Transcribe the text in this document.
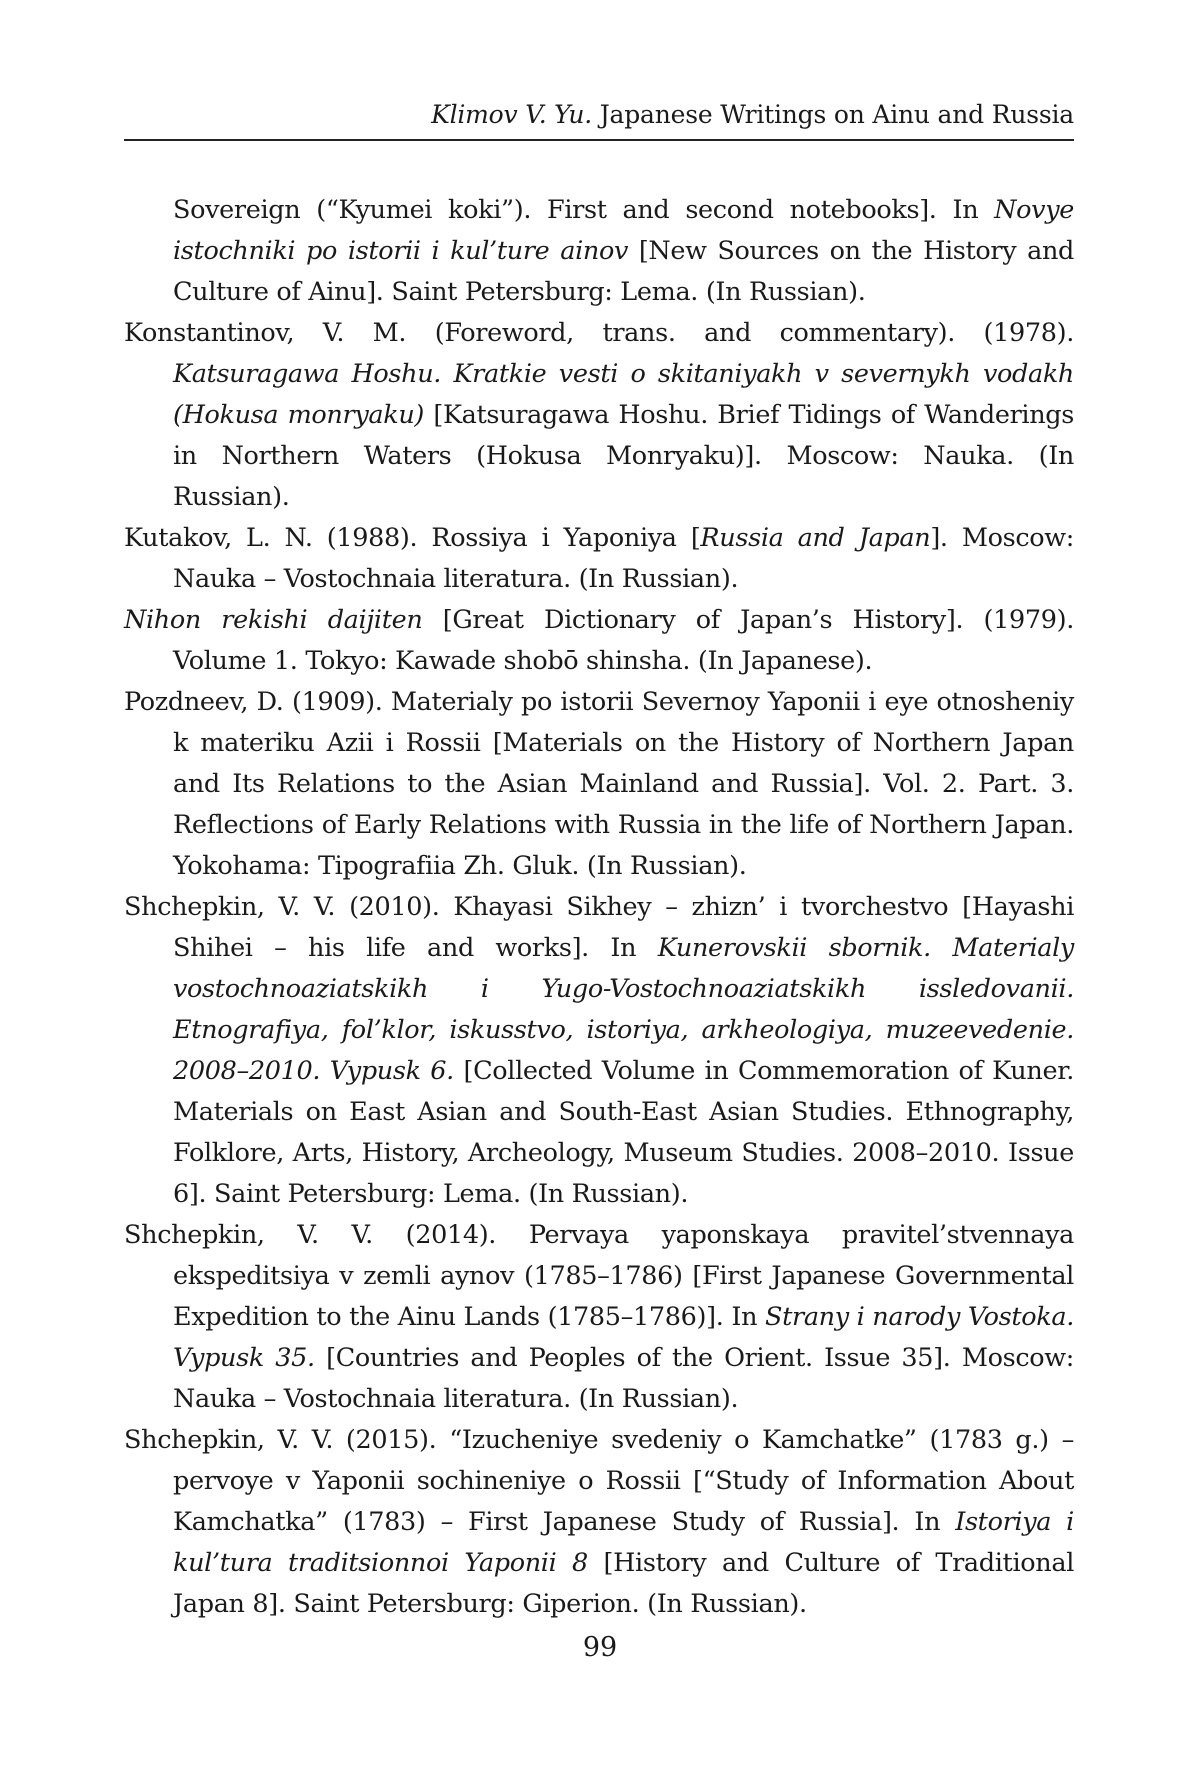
Klimov V. Yu. Japanese Writings on Ainu and Russia

Sovereign (“Kyumei koki”). First and second notebooks]. In Novye istochniki po istorii i kul’ture ainov [New Sources on the History and Culture of Ainu]. Saint Petersburg: Lema. (In Russian).

Konstantinov, V. M. (Foreword, trans. and commentary). (1978). Katsuragawa Hoshu. Kratkie vesti o skitaniyakh v severnykh vodakh (Hokusa monryaku) [Katsuragawa Hoshu. Brief Tidings of Wanderings in Northern Waters (Hokusa Monryaku)]. Moscow: Nauka. (In Russian).

Kutakov, L. N. (1988). Rossiya i Yaponiya [Russia and Japan]. Moscow: Nauka – Vostochnaia literatura. (In Russian).

Nihon rekishi daijiten [Great Dictionary of Japan’s History]. (1979). Volume 1. Tokyo: Kawade shobō shinsha. (In Japanese).

Pozdneev, D. (1909). Materialy po istorii Severnoy Yaponii i eye otnosheniy k materiku Azii i Rossii [Materials on the History of Northern Japan and Its Relations to the Asian Mainland and Russia]. Vol. 2. Part. 3. Reflections of Early Relations with Russia in the life of Northern Japan. Yokohama: Tipografiia Zh. Gluk. (In Russian).

Shchepkin, V. V. (2010). Khayasi Sikhey – zhizn’ i tvorchestvo [Hayashi Shihei – his life and works]. In Kunerovskii sbornik. Materialy vostochnoaziatskikh i Yugo-Vostochnoaziatskikh issledovanii. Etnografiya, fol’klor, iskusstvo, istoriya, arkheologiya, muzeevedenie. 2008–2010. Vypusk 6. [Collected Volume in Commemoration of Kuner. Materials on East Asian and South-East Asian Studies. Ethnography, Folklore, Arts, History, Archeology, Museum Studies. 2008–2010. Issue 6]. Saint Petersburg: Lema. (In Russian).

Shchepkin, V. V. (2014). Pervaya yaponskaya pravitel’stvennaya ekspeditsiya v zemli aynov (1785–1786) [First Japanese Governmental Expedition to the Ainu Lands (1785–1786)]. In Strany i narody Vostoka. Vypusk 35. [Countries and Peoples of the Orient. Issue 35]. Moscow: Nauka – Vostochnaia literatura. (In Russian).

Shchepkin, V. V. (2015). “Izucheniye svedeniy o Kamchatke” (1783 g.) – pervoye v Yaponii sochineniye o Rossii [“Study of Information About Kamchatka” (1783) – First Japanese Study of Russia]. In Istoriya i kul’tura traditsionnoi Yaponii 8 [History and Culture of Traditional Japan 8]. Saint Petersburg: Giperion. (In Russian).

99
